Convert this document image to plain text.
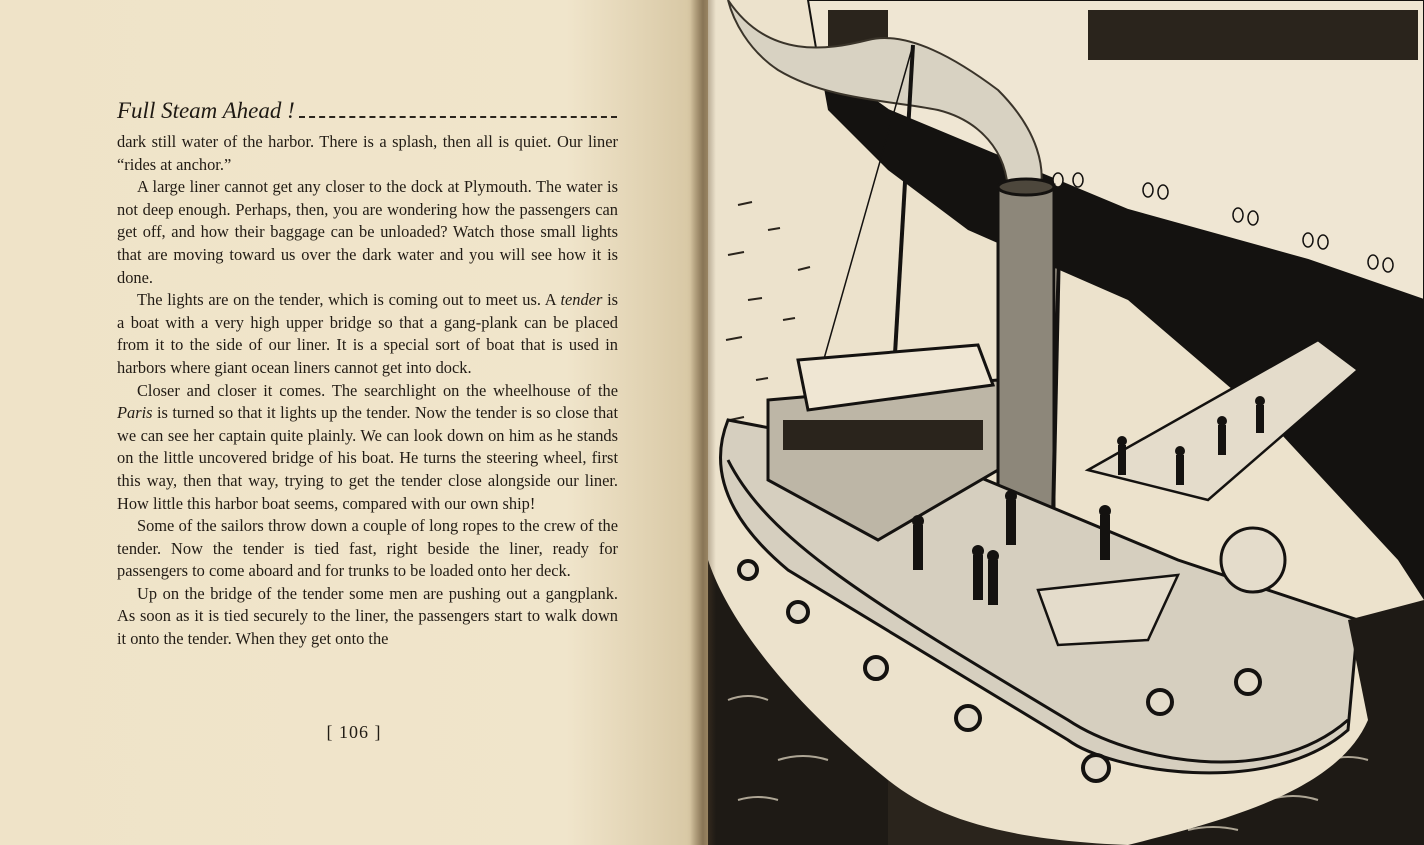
Full Steam Ahead !

dark still water of the harbor. There is a splash, then all is quiet. Our liner “rides at anchor.”

A large liner cannot get any closer to the dock at Plymouth. The water is not deep enough. Perhaps, then, you are wondering how the passengers can get off, and how their baggage can be unloaded? Watch those small lights that are moving toward us over the dark water and you will see how it is done.

The lights are on the tender, which is coming out to meet us. A tender is a boat with a very high upper bridge so that a gang-plank can be placed from it to the side of our liner. It is a special sort of boat that is used in harbors where giant ocean liners cannot get into dock.

Closer and closer it comes. The searchlight on the wheelhouse of the Paris is turned so that it lights up the tender. Now the tender is so close that we can see her captain quite plainly. We can look down on him as he stands on the little uncovered bridge of his boat. He turns the steering wheel, first this way, then that way, trying to get the tender close alongside our liner. How little this harbor boat seems, compared with our own ship!

Some of the sailors throw down a couple of long ropes to the crew of the tender. Now the tender is tied fast, right beside the liner, ready for passengers to come aboard and for trunks to be loaded onto her deck.

Up on the bridge of the tender some men are pushing out a gangplank. As soon as it is tied securely to the liner, the passengers start to walk down it onto the tender. When they get onto the

[ 106 ]
